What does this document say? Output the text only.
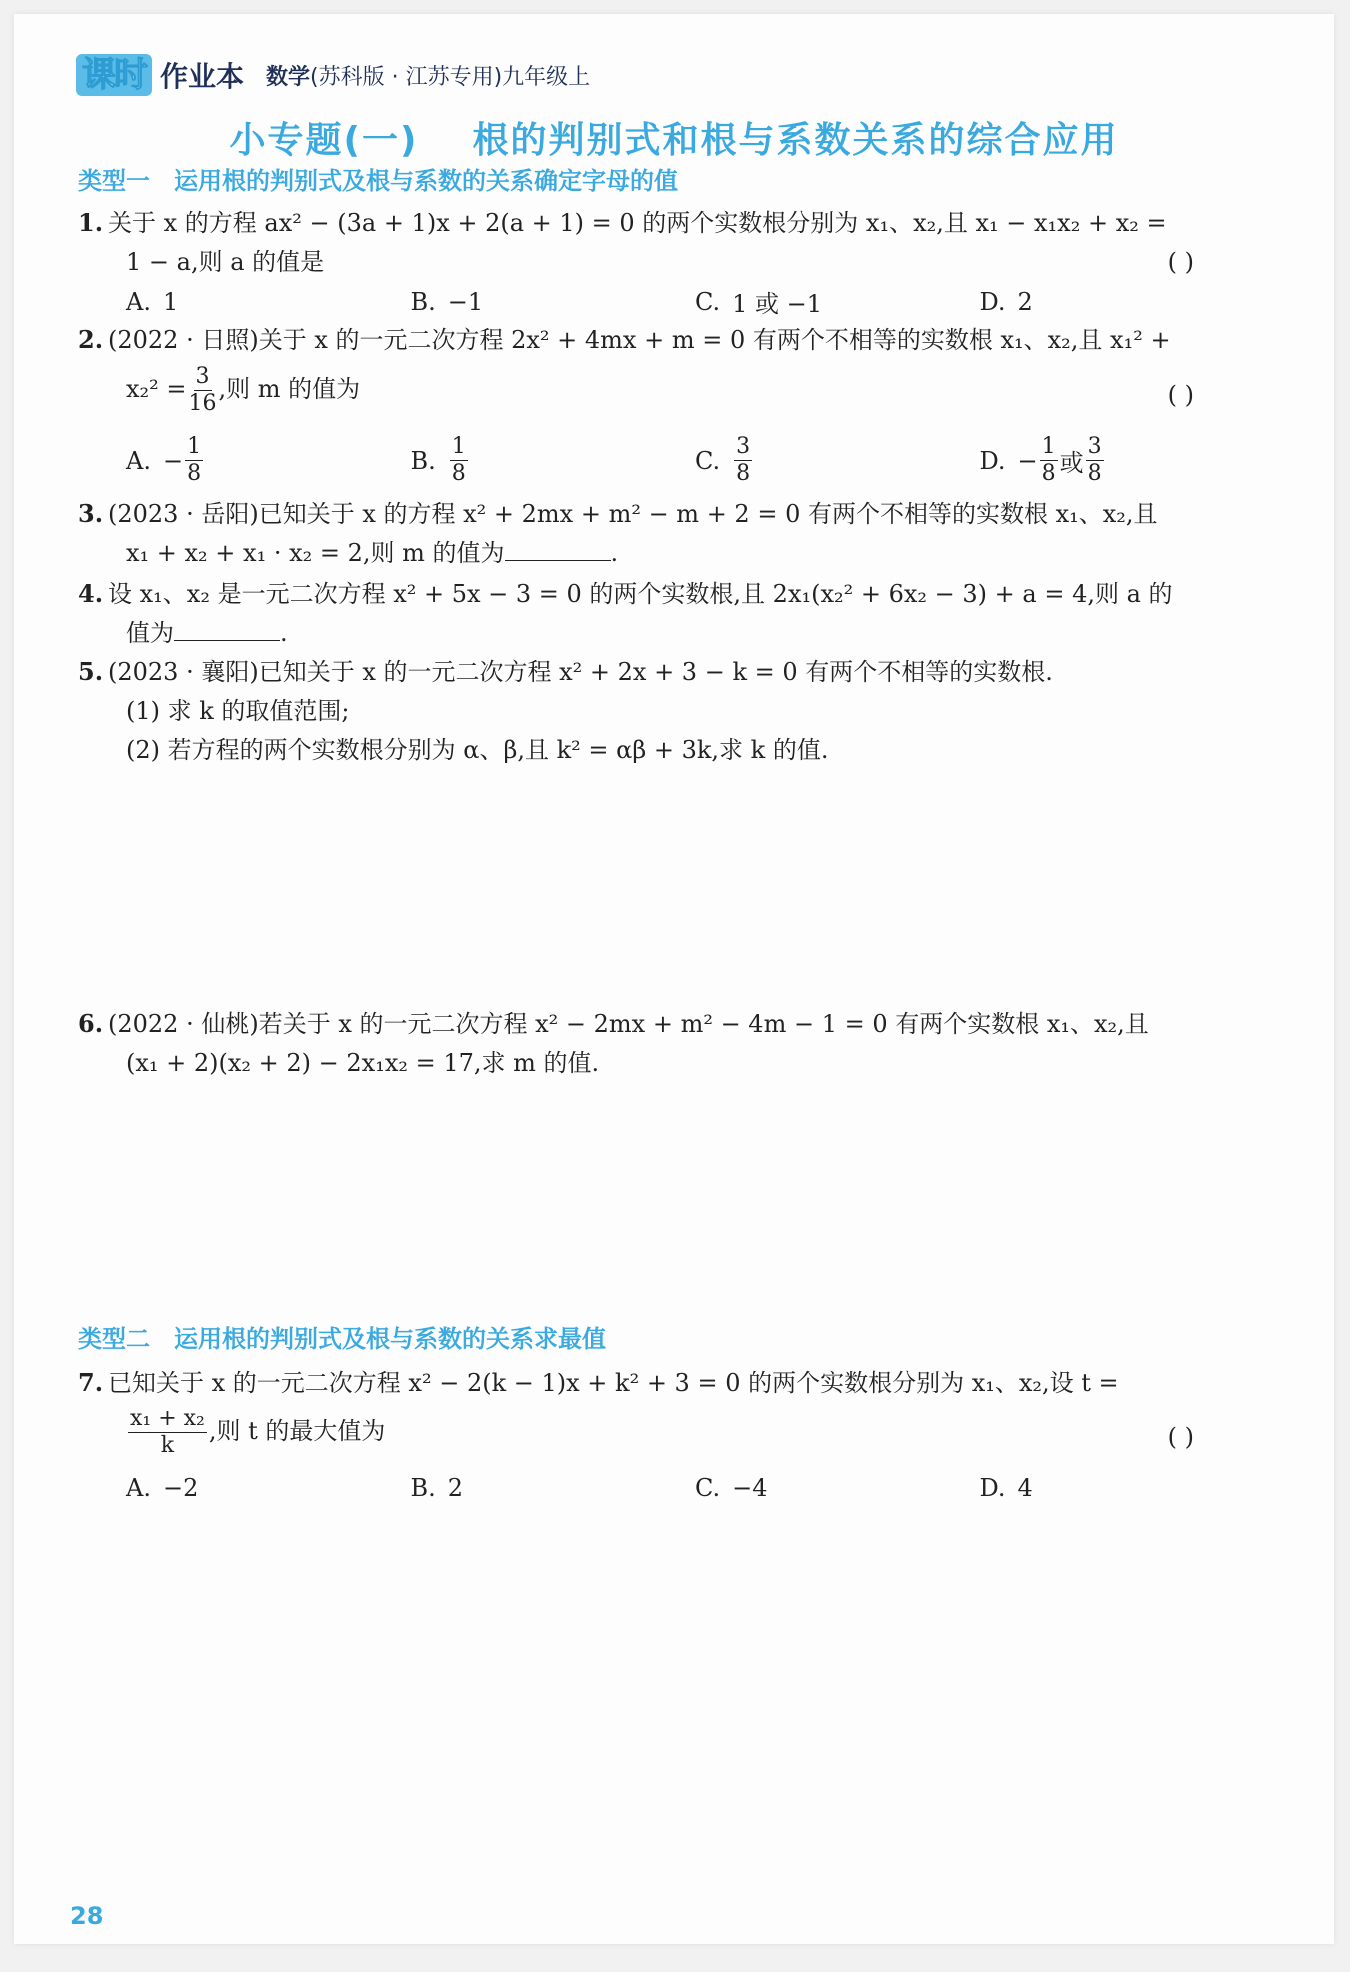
课时 作业本 数学 (苏科版 · 江苏专用)九年级上
小专题(一) 根的判别式和根与系数关系的综合应用
类型一 运用根的判别式及根与系数的关系确定字母的值
1. 关于 x 的方程 ax² − (3a + 1)x + 2(a + 1) = 0 的两个实数根分别为 x₁、x₂,且 x₁ − x₁x₂ + x₂ =
1 − a,则 a 的值是	( )
A. 1	B. −1	C. 1 或 −1	D. 2
2. (2022 · 日照)关于 x 的一元二次方程 2x² + 4mx + m = 0 有两个不相等的实数根 x₁、x₂,且 x₁² +
$x_2^2 = \frac{3}{16}$ ,则 m 的值为	( )
A. − $\frac{1}{8}$	B. $\frac{1}{8}$	C. $\frac{3}{8}$	D. − $\frac{1}{8}$ 或 $\frac{3}{8}$
3. (2023 · 岳阳)已知关于 x 的方程 x² + 2mx + m² − m + 2 = 0 有两个不相等的实数根 x₁、x₂,且
x₁ + x₂ + x₁ · x₂ = 2,则 m 的值为	.
4. 设 x₁、x₂ 是一元二次方程 x² + 5x − 3 = 0 的两个实数根,且 2x₁(x₂² + 6x₂ − 3) + a = 4,则 a 的
值为	.
5. (2023 · 襄阳)已知关于 x 的一元二次方程 x² + 2x + 3 − k = 0 有两个不相等的实数根.
(1) 求 k 的取值范围;
(2) 若方程的两个实数根分别为 α、β,且 k² = αβ + 3k,求 k 的值.
6. (2022 · 仙桃)若关于 x 的一元二次方程 x² − 2mx + m² − 4m − 1 = 0 有两个实数根 x₁、x₂,且
(x₁ + 2)(x₂ + 2) − 2x₁x₂ = 17,求 m 的值.
类型二 运用根的判别式及根与系数的关系求最值
7. 已知关于 x 的一元二次方程 x² − 2(k − 1)x + k² + 3 = 0 的两个实数根分别为 x₁、x₂,设 t =
$\frac{\text{x₁ + x₂}}{k}$ ,则 t 的最大值为	( )
A. −2	B. 2	C. −4	D. 4
28
